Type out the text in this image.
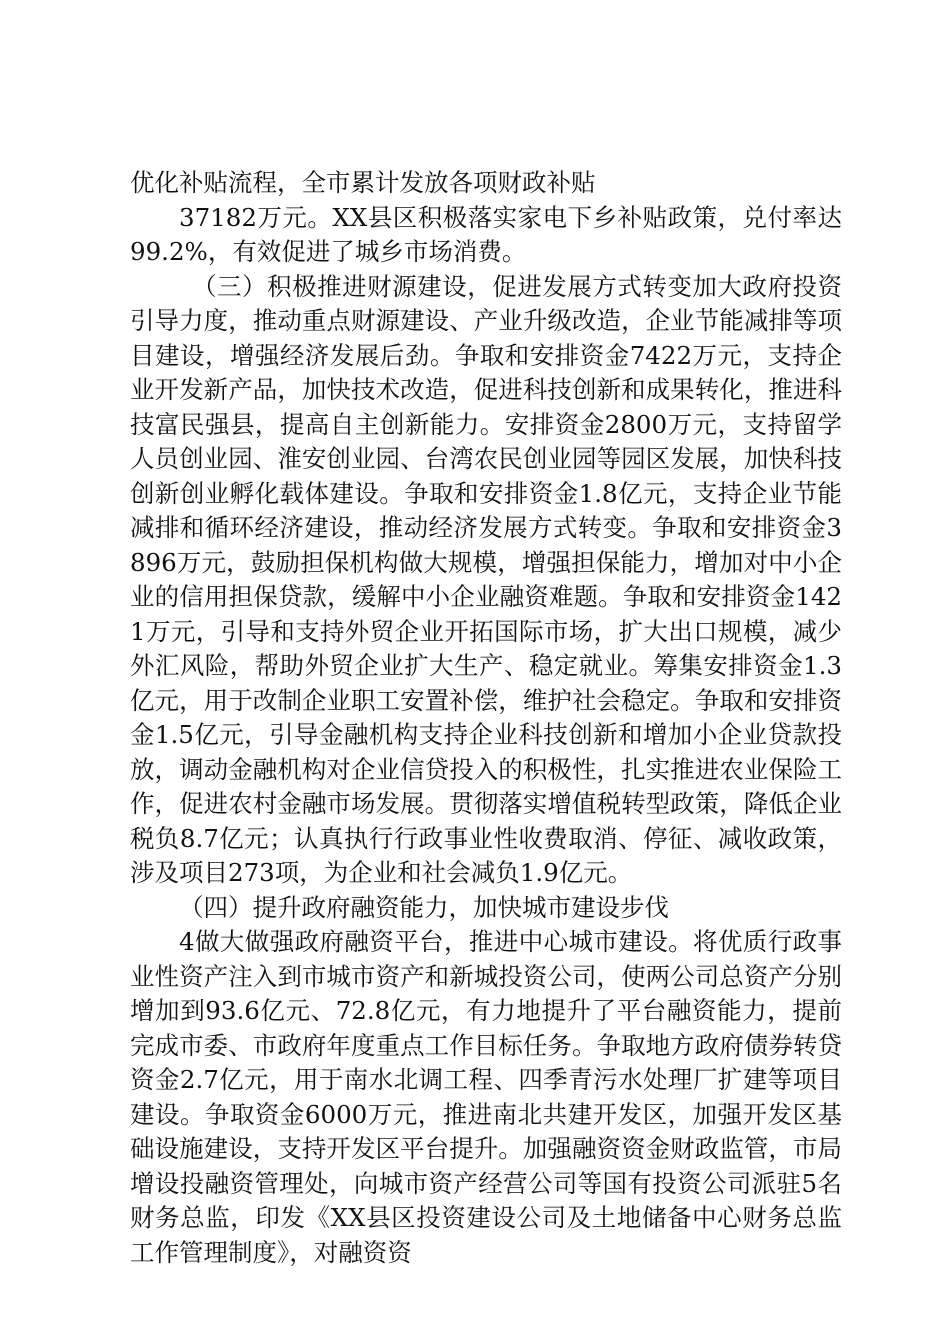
优化补贴流程，全市累计发放各项财政补贴

37182万元。XX县区积极落实家电下乡补贴政策，兑付率达99.2%，有效促进了城乡市场消费。

（三）积极推进财源建设，促进发展方式转变加大政府投资引导力度，推动重点财源建设、产业升级改造，企业节能减排等项目建设，增强经济发展后劲。争取和安排资金7422万元，支持企业开发新产品，加快技术改造，促进科技创新和成果转化，推进科技富民强县，提高自主创新能力。安排资金2800万元，支持留学人员创业园、淮安创业园、台湾农民创业园等园区发展，加快科技创新创业孵化载体建设。争取和安排资金1.8亿元，支持企业节能减排和循环经济建设，推动经济发展方式转变。争取和安排资金3896万元，鼓励担保机构做大规模，增强担保能力，增加对中小企业的信用担保贷款，缓解中小企业融资难题。争取和安排资金1421万元，引导和支持外贸企业开拓国际市场，扩大出口规模，减少外汇风险，帮助外贸企业扩大生产、稳定就业。筹集安排资金1.3亿元，用于改制企业职工安置补偿，维护社会稳定。争取和安排资金1.5亿元，引导金融机构支持企业科技创新和增加小企业贷款投放，调动金融机构对企业信贷投入的积极性，扎实推进农业保险工作，促进农村金融市场发展。贯彻落实增值税转型政策，降低企业税负8.7亿元；认真执行行政事业性收费取消、停征、减收政策，涉及项目273项，为企业和社会减负1.9亿元。

（四）提升政府融资能力，加快城市建设步伐

4做大做强政府融资平台，推进中心城市建设。将优质行政事业性资产注入到市城市资产和新城投资公司，使两公司总资产分别增加到93.6亿元、72.8亿元，有力地提升了平台融资能力，提前完成市委、市政府年度重点工作目标任务。争取地方政府债券转贷资金2.7亿元，用于南水北调工程、四季青污水处理厂扩建等项目建设。争取资金6000万元，推进南北共建开发区，加强开发区基础设施建设，支持开发区平台提升。加强融资资金财政监管，市局增设投融资管理处，向城市资产经营公司等国有投资公司派驻5名财务总监，印发《XX县区投资建设公司及土地储备中心财务总监工作管理制度》，对融资资
